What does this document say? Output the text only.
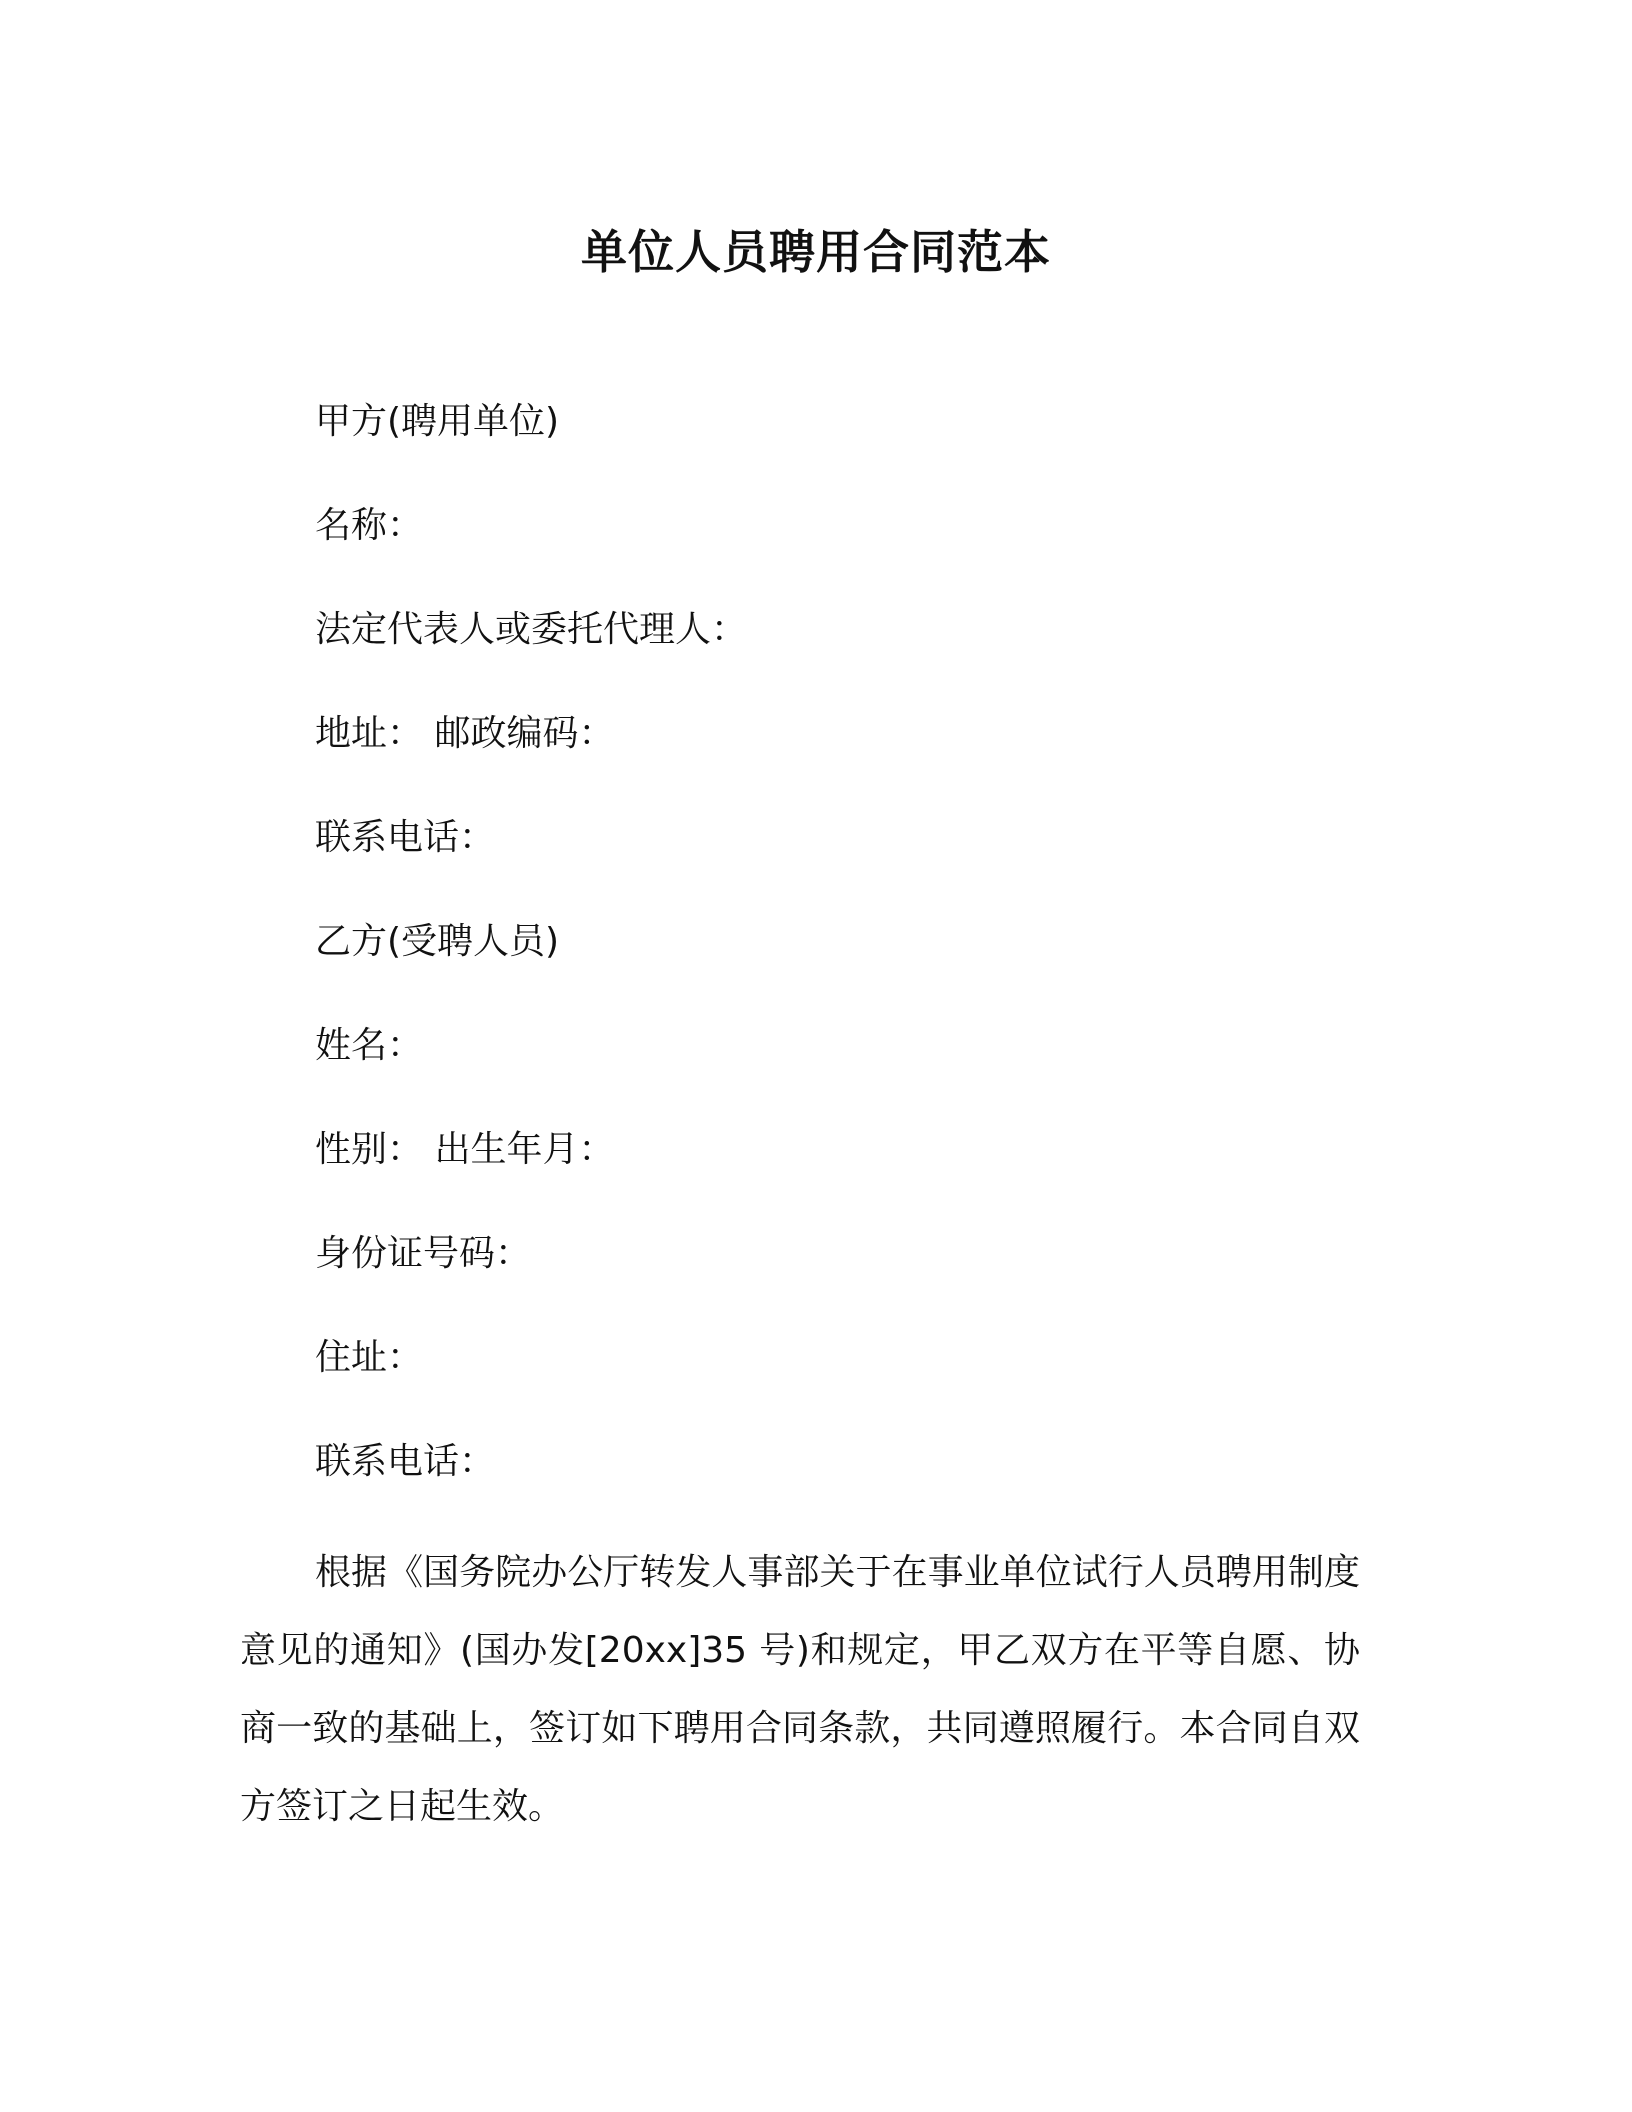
单位人员聘用合同范本
甲方(聘用单位)
名称：
法定代表人或委托代理人：
地址： 邮政编码：
联系电话：
乙方(受聘人员)
姓名：
性别： 出生年月：
身份证号码：
住址：
联系电话：

根据《国务院办公厅转发人事部关于在事业单位试行人员聘用制度意见的通知》(国办发[20xx]35 号)和规定，甲乙双方在平等自愿、协商一致的基础上，签订如下聘用合同条款，共同遵照履行。本合同自双方签订之日起生效。
